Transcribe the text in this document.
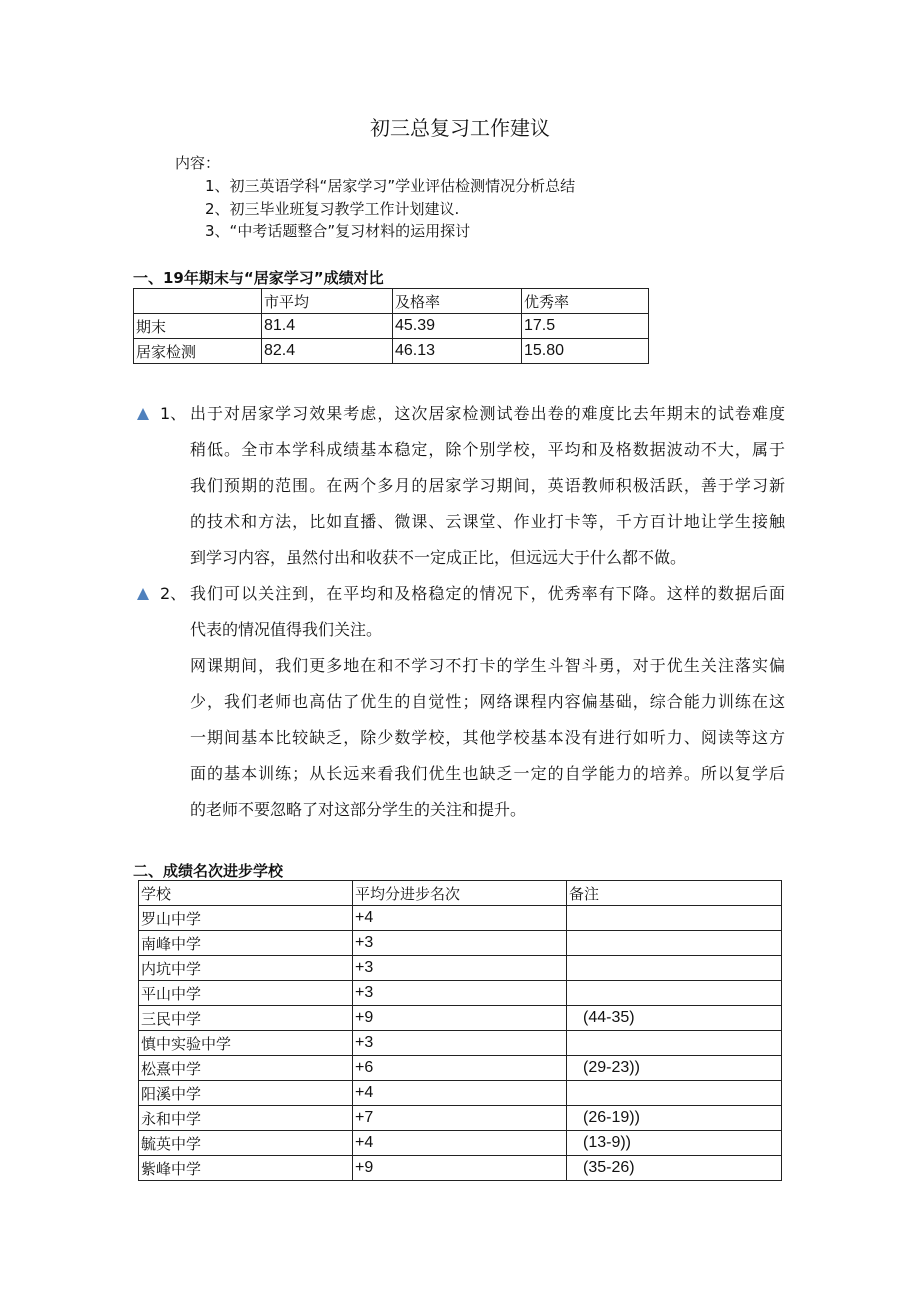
初三总复习工作建议
内容：
1、初三英语学科“居家学习”学业评估检测情况分析总结
2、初三毕业班复习教学工作计划建议.
3、“中考话题整合”复习材料的运用探讨
一、19年期末与“居家学习”成绩对比
	市平均	及格率	优秀率
期末	81.4	45.39	17.5
居家检测	82.4	46.13	15.80
1、 出于对居家学习效果考虑，这次居家检测试卷出卷的难度比去年期末的试卷难度
稍低。全市本学科成绩基本稳定，除个别学校，平均和及格数据波动不大，属于
我们预期的范围。在两个多月的居家学习期间，英语教师积极活跃，善于学习新
的技术和方法，比如直播、微课、云课堂、作业打卡等，千方百计地让学生接触
到学习内容，虽然付出和收获不一定成正比，但远远大于什么都不做。
2、 我们可以关注到，在平均和及格稳定的情况下，优秀率有下降。这样的数据后面
代表的情况值得我们关注。
网课期间，我们更多地在和不学习不打卡的学生斗智斗勇，对于优生关注落实偏
少，我们老师也高估了优生的自觉性；网络课程内容偏基础，综合能力训练在这
一期间基本比较缺乏，除少数学校，其他学校基本没有进行如听力、阅读等这方
面的基本训练；从长远来看我们优生也缺乏一定的自学能力的培养。所以复学后
的老师不要忽略了对这部分学生的关注和提升。
二、成绩名次进步学校
学校	平均分进步名次	备注
罗山中学	+4	
南峰中学	+3	
内坑中学	+3	
平山中学	+3	
三民中学	+9	(44-35)
慎中实验中学	+3	
松熹中学	+6	(29-23))
阳溪中学	+4	
永和中学	+7	(26-19))
毓英中学	+4	(13-9))
紫峰中学	+9	(35-26)
